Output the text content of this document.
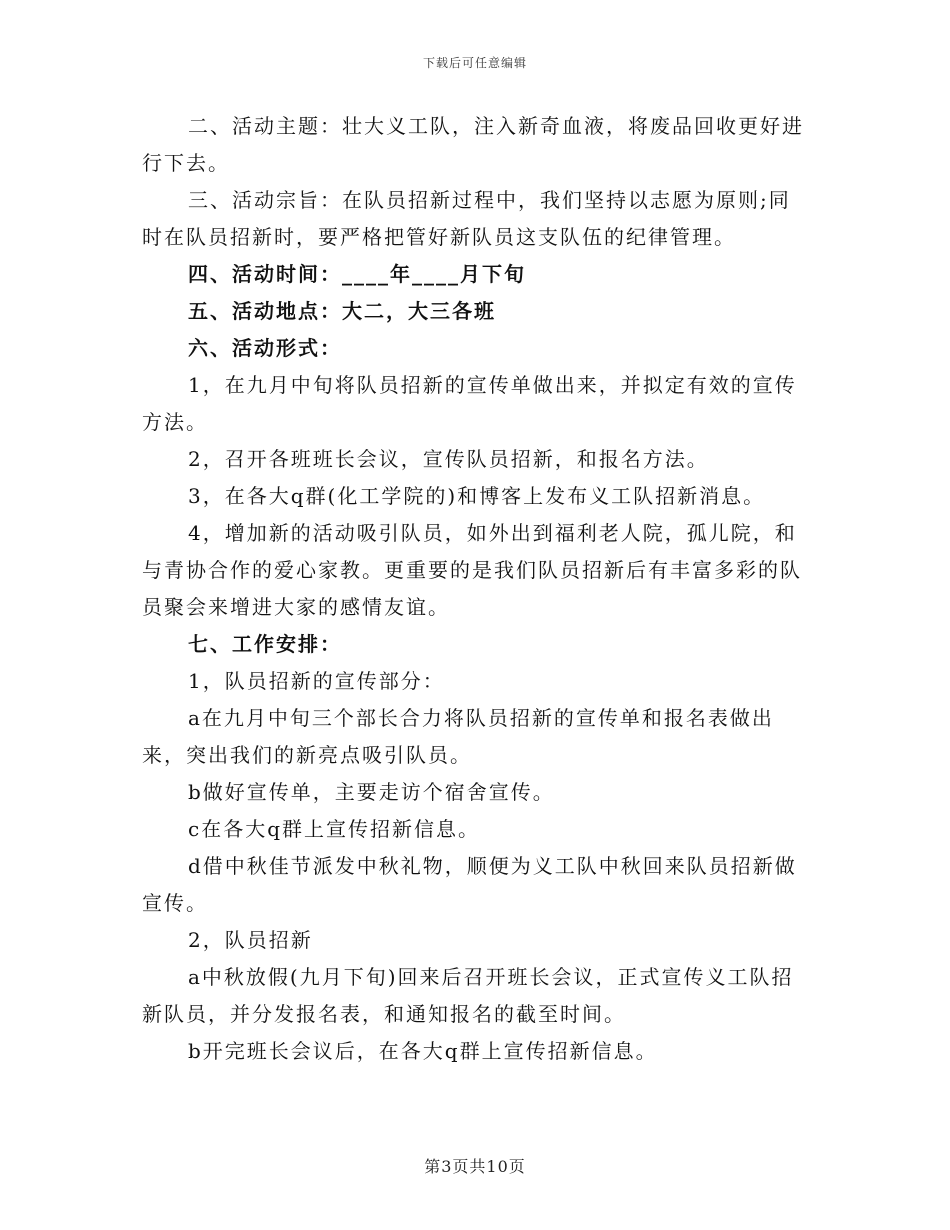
下载后可任意编辑

二、活动主题：壮大义工队，注入新奇血液，将废品回收更好进行下去。

三、活动宗旨：在队员招新过程中，我们坚持以志愿为原则;同时在队员招新时，要严格把管好新队员这支队伍的纪律管理。

四、活动时间：____年____月下旬

五、活动地点：大二，大三各班

六、活动形式：

1，在九月中旬将队员招新的宣传单做出来，并拟定有效的宣传方法。

2，召开各班班长会议，宣传队员招新，和报名方法。

3，在各大q群(化工学院的)和博客上发布义工队招新消息。

4，增加新的活动吸引队员，如外出到福利老人院，孤儿院，和与青协合作的爱心家教。更重要的是我们队员招新后有丰富多彩的队员聚会来增进大家的感情友谊。

七、工作安排：

1，队员招新的宣传部分：

a在九月中旬三个部长合力将队员招新的宣传单和报名表做出来，突出我们的新亮点吸引队员。

b做好宣传单，主要走访个宿舍宣传。

c在各大q群上宣传招新信息。

d借中秋佳节派发中秋礼物，顺便为义工队中秋回来队员招新做宣传。

2，队员招新

a中秋放假(九月下旬)回来后召开班长会议，正式宣传义工队招新队员，并分发报名表，和通知报名的截至时间。

b开完班长会议后，在各大q群上宣传招新信息。

第3页共10页
